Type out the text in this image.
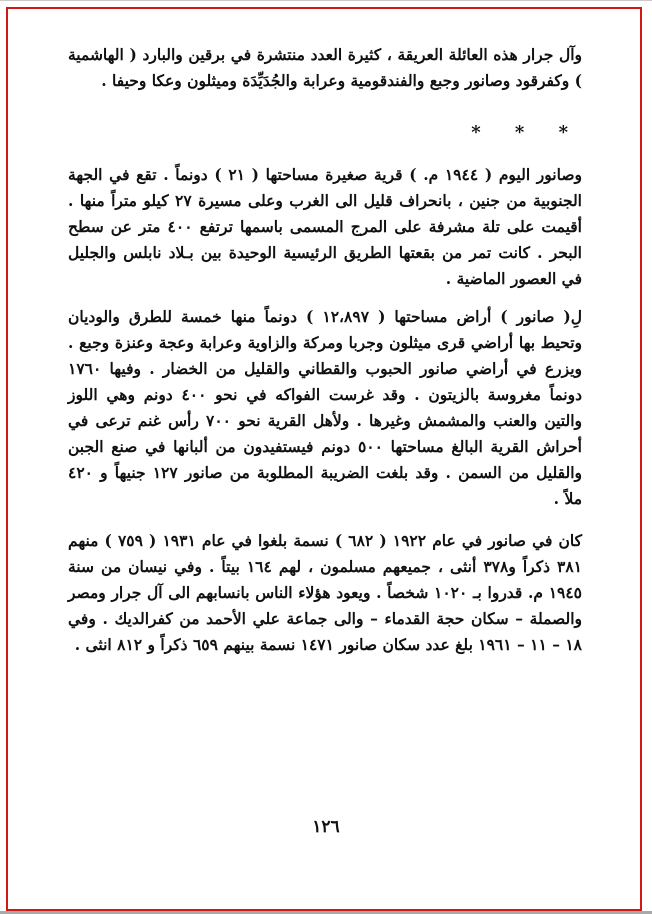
وآل جرار هذه العائلة العريقة ، كثيرة العدد منتشرة في برقين والبارد ( الهاشمية ) وكفرقود وصانور وجبع والفندقومية وعرابة والجُدَيِّدَة وميثلون وعكا وحيفا .

* * *

وصانور اليوم ( ١٩٤٤ م. ) قرية صغيرة مساحتها ( ٢١ ) دونماً . تقع في الجهة الجنوبية من جنين ، بانحراف قليل الى الغرب وعلى مسيرة ٢٧ كيلو متراً منها . أقيمت على تلة مشرفة على المرج المسمى باسمها ترتفع ٤٠٠ متر عن سطح البحر . كانت تمر من بقعتها الطريق الرئيسية الوحيدة بين بـلاد نابلس والجليل في العصور الماضية .

لِ( صانور ) أراض مساحتها ( ١٢،٨٩٧ ) دونماً منها خمسة للطرق والوديان وتحيط بها أراضي قرى ميثلون وجربا ومركة والزاوية وعرابة وعجة وعنزة وجبع . ويزرع في أراضي صانور الحبوب والقطاني والقليل من الخضار . وفيها ١٧٦٠ دونماً مغروسة بالزيتون . وقد غرست الفواكه في نحو ٤٠٠ دونم وهي اللوز والتين والعنب والمشمش وغيرها . ولأهل القرية نحو ٧٠٠ رأس غنم ترعى في أحراش القرية البالغ مساحتها ٥٠٠ دونم فيستفيدون من ألبانها في صنع الجبن والقليل من السمن . وقد بلغت الضريبة المطلوبة من صانور ١٢٧ جنيهاً و ٤٢٠ ملاً .

كان في صانور في عام ١٩٢٢ ( ٦٨٢ ) نسمة بلغوا في عام ١٩٣١ ( ٧٥٩ ) منهم ٣٨١ ذكراً و٣٧٨ أنثى ، جميعهم مسلمون ، لهم ١٦٤ بيتاً . وفي نيسان من سنة ١٩٤٥ م. قدروا بـ ١٠٢٠ شخصاً . ويعود هؤلاء الناس بانسابهم الى آل جرار ومصر والصملة – سكان حجة القدماء – والى جماعة علي الأحمد من كفرالديك . وفي ١٨ – ١١ – ١٩٦١ بلغ عدد سكان صانور ١٤٧١ نسمة بينهم ٦٥٩ ذكراً و ٨١٢ انثى .

١٢٦
